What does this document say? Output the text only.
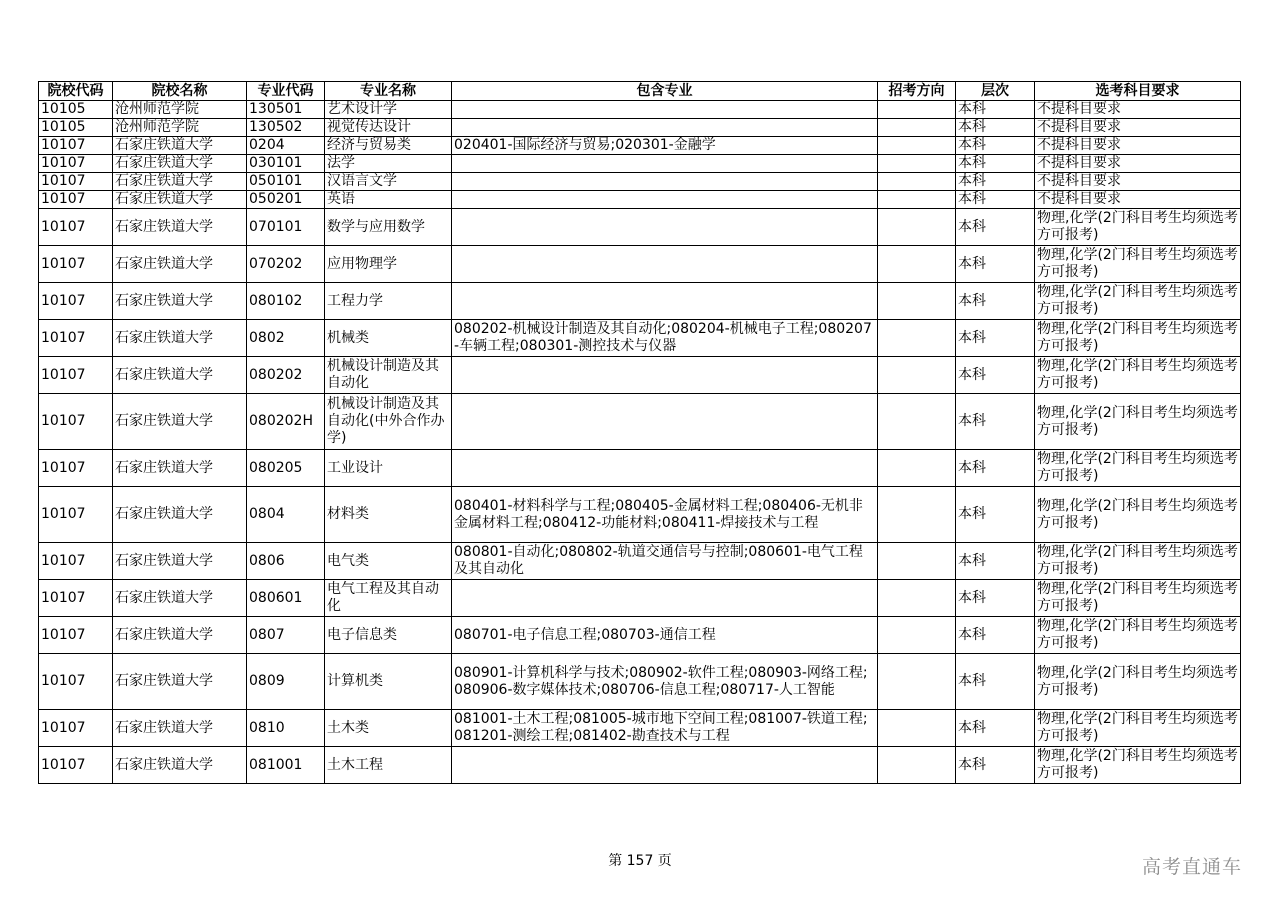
院校代码	院校名称	专业代码	专业名称	包含专业	招考方向	层次	选考科目要求
10105	沧州师范学院	130501	艺术设计学			本科	不提科目要求
10105	沧州师范学院	130502	视觉传达设计			本科	不提科目要求
10107	石家庄铁道大学	0204	经济与贸易类	020401-国际经济与贸易;020301-金融学		本科	不提科目要求
10107	石家庄铁道大学	030101	法学			本科	不提科目要求
10107	石家庄铁道大学	050101	汉语言文学			本科	不提科目要求
10107	石家庄铁道大学	050201	英语			本科	不提科目要求
10107	石家庄铁道大学	070101	数学与应用数学			本科	物理,化学(2门科目考生均须选考方可报考)
10107	石家庄铁道大学	070202	应用物理学			本科	物理,化学(2门科目考生均须选考方可报考)
10107	石家庄铁道大学	080102	工程力学			本科	物理,化学(2门科目考生均须选考方可报考)
10107	石家庄铁道大学	0802	机械类	080202-机械设计制造及其自动化;080204-机械电子工程;080207-车辆工程;080301-测控技术与仪器		本科	物理,化学(2门科目考生均须选考方可报考)
10107	石家庄铁道大学	080202	机械设计制造及其自动化			本科	物理,化学(2门科目考生均须选考方可报考)
10107	石家庄铁道大学	080202H	机械设计制造及其自动化(中外合作办学)			本科	物理,化学(2门科目考生均须选考方可报考)
10107	石家庄铁道大学	080205	工业设计			本科	物理,化学(2门科目考生均须选考方可报考)
10107	石家庄铁道大学	0804	材料类	080401-材料科学与工程;080405-金属材料工程;080406-无机非金属材料工程;080412-功能材料;080411-焊接技术与工程		本科	物理,化学(2门科目考生均须选考方可报考)
10107	石家庄铁道大学	0806	电气类	080801-自动化;080802-轨道交通信号与控制;080601-电气工程及其自动化		本科	物理,化学(2门科目考生均须选考方可报考)
10107	石家庄铁道大学	080601	电气工程及其自动化			本科	物理,化学(2门科目考生均须选考方可报考)
10107	石家庄铁道大学	0807	电子信息类	080701-电子信息工程;080703-通信工程		本科	物理,化学(2门科目考生均须选考方可报考)
10107	石家庄铁道大学	0809	计算机类	080901-计算机科学与技术;080902-软件工程;080903-网络工程;080906-数字媒体技术;080706-信息工程;080717-人工智能		本科	物理,化学(2门科目考生均须选考方可报考)
10107	石家庄铁道大学	0810	土木类	081001-土木工程;081005-城市地下空间工程;081007-铁道工程;081201-测绘工程;081402-勘查技术与工程		本科	物理,化学(2门科目考生均须选考方可报考)
10107	石家庄铁道大学	081001	土木工程			本科	物理,化学(2门科目考生均须选考方可报考)
第 157 页	高考直通车
